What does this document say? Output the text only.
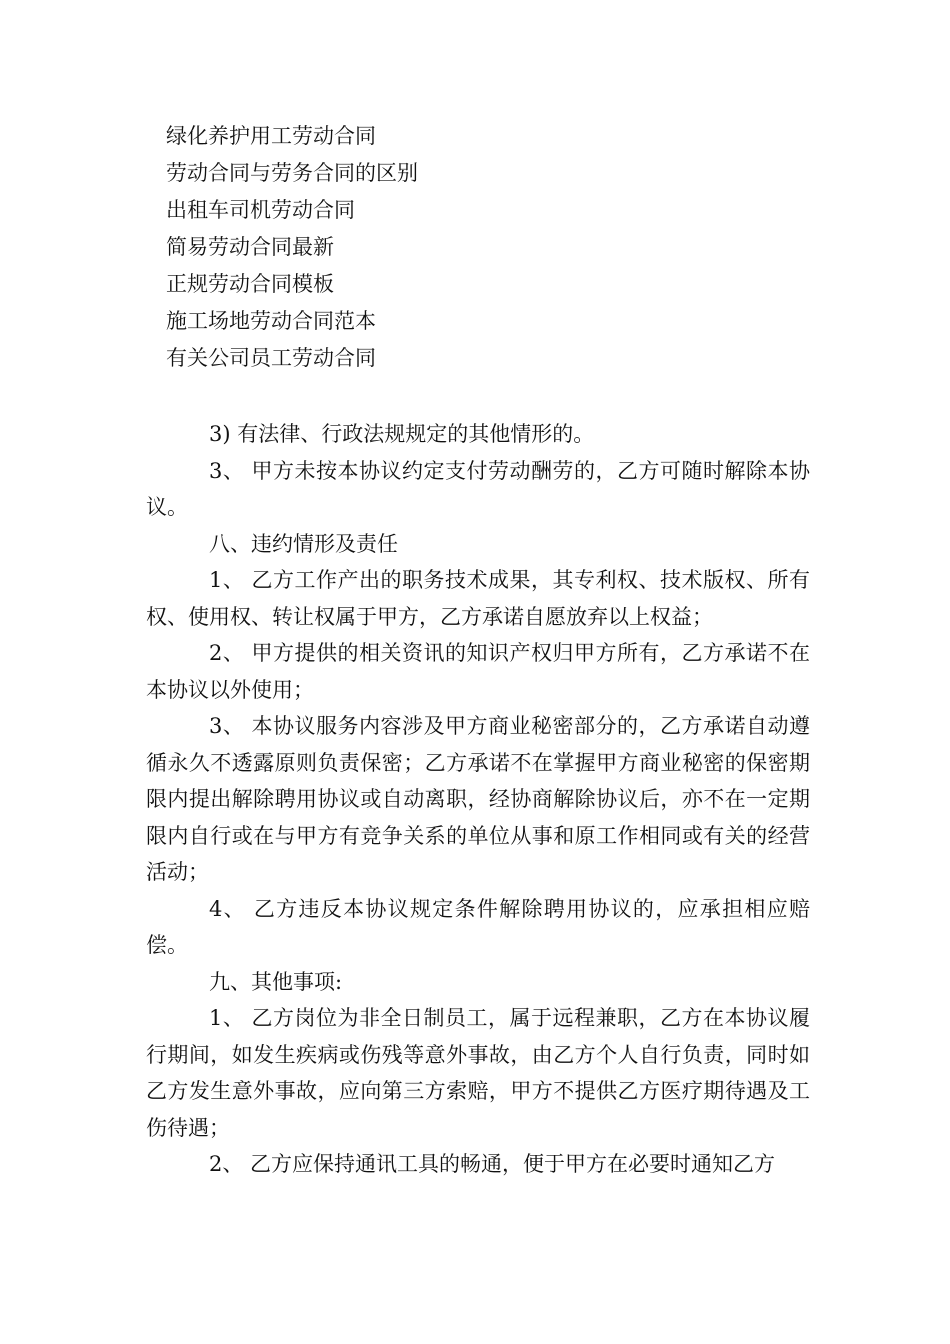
绿化养护用工劳动合同
劳动合同与劳务合同的区别
出租车司机劳动合同
简易劳动合同最新
正规劳动合同模板
施工场地劳动合同范本
有关公司员工劳动合同

3) 有法律、行政法规规定的其他情形的。

3、 甲方未按本协议约定支付劳动酬劳的，乙方可随时解除本协议。

八、违约情形及责任

1、 乙方工作产出的职务技术成果，其专利权、技术版权、所有权、使用权、转让权属于甲方，乙方承诺自愿放弃以上权益；

2、 甲方提供的相关资讯的知识产权归甲方所有，乙方承诺不在本协议以外使用；

3、 本协议服务内容涉及甲方商业秘密部分的，乙方承诺自动遵循永久不透露原则负责保密；乙方承诺不在掌握甲方商业秘密的保密期限内提出解除聘用协议或自动离职，经协商解除协议后，亦不在一定期限内自行或在与甲方有竞争关系的单位从事和原工作相同或有关的经营活动；

4、 乙方违反本协议规定条件解除聘用协议的，应承担相应赔偿。

九、其他事项:

1、 乙方岗位为非全日制员工，属于远程兼职，乙方在本协议履行期间，如发生疾病或伤残等意外事故，由乙方个人自行负责，同时如乙方发生意外事故，应向第三方索赔，甲方不提供乙方医疗期待遇及工伤待遇；

2、 乙方应保持通讯工具的畅通，便于甲方在必要时通知乙方
